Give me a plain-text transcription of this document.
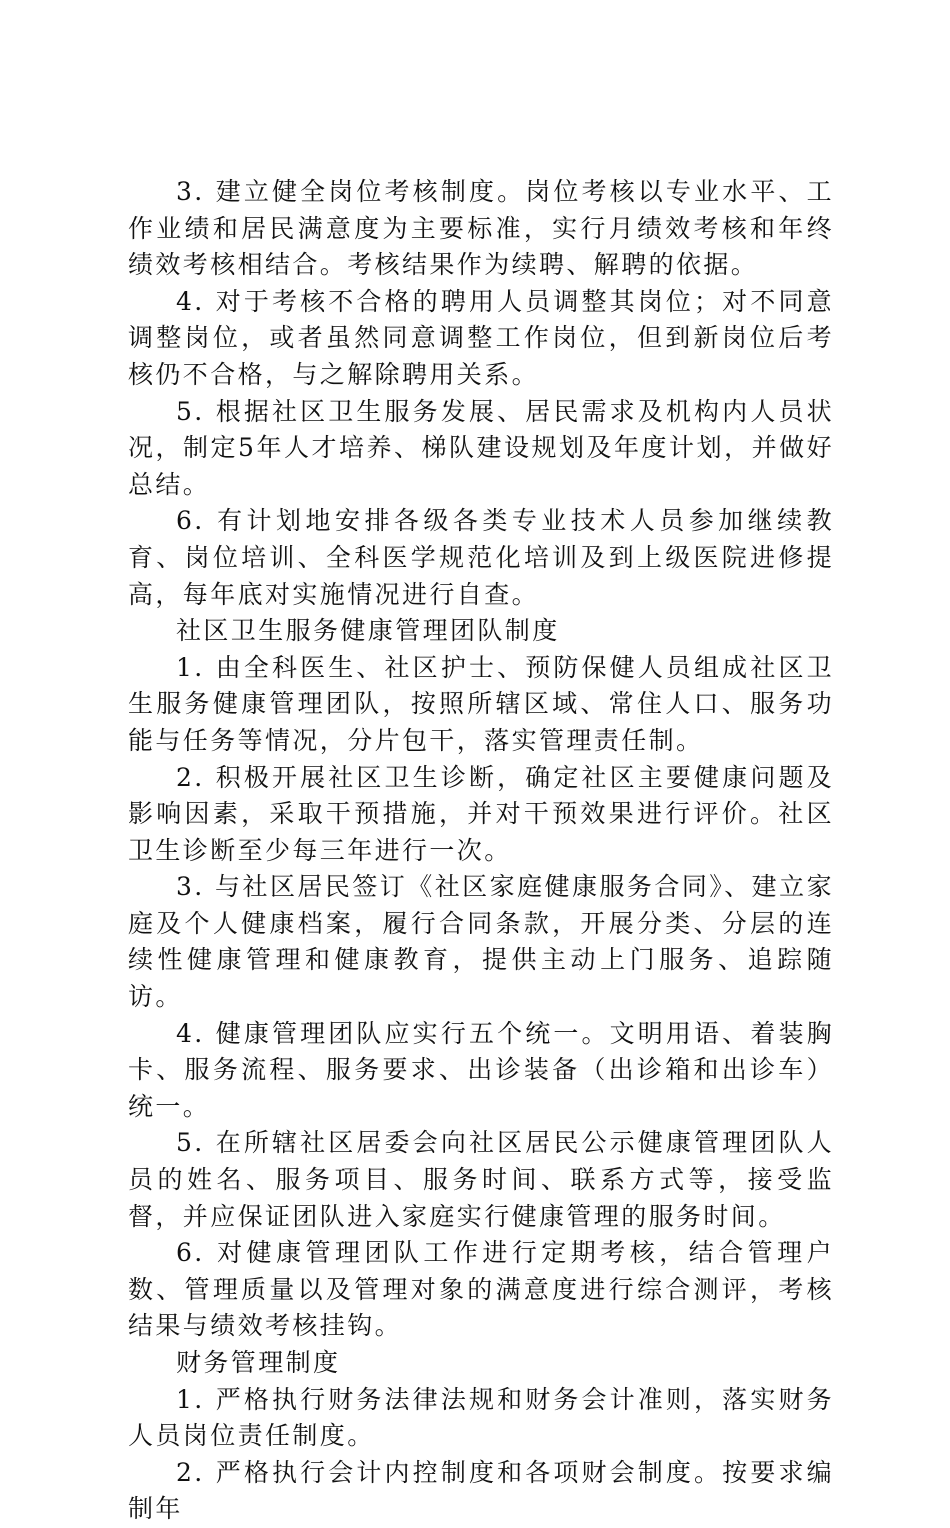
3. 建立健全岗位考核制度。岗位考核以专业水平、工作业绩和居民满意度为主要标准，实行月绩效考核和年终绩效考核相结合。考核结果作为续聘、解聘的依据。

4. 对于考核不合格的聘用人员调整其岗位；对不同意调整岗位，或者虽然同意调整工作岗位，但到新岗位后考核仍不合格，与之解除聘用关系。

5. 根据社区卫生服务发展、居民需求及机构内人员状况，制定5年人才培养、梯队建设规划及年度计划，并做好总结。

6. 有计划地安排各级各类专业技术人员参加继续教育、岗位培训、全科医学规范化培训及到上级医院进修提高，每年底对实施情况进行自查。

社区卫生服务健康管理团队制度

1. 由全科医生、社区护士、预防保健人员组成社区卫生服务健康管理团队，按照所辖区域、常住人口、服务功能与任务等情况，分片包干，落实管理责任制。

2. 积极开展社区卫生诊断，确定社区主要健康问题及影响因素，采取干预措施，并对干预效果进行评价。社区卫生诊断至少每三年进行一次。

3. 与社区居民签订《社区家庭健康服务合同》、建立家庭及个人健康档案，履行合同条款，开展分类、分层的连续性健康管理和健康教育，提供主动上门服务、追踪随访。

4. 健康管理团队应实行五个统一。文明用语、着装胸卡、服务流程、服务要求、出诊装备（出诊箱和出诊车）统一。

5. 在所辖社区居委会向社区居民公示健康管理团队人员的姓名、服务项目、服务时间、联系方式等，接受监督，并应保证团队进入家庭实行健康管理的服务时间。

6. 对健康管理团队工作进行定期考核，结合管理户数、管理质量以及管理对象的满意度进行综合测评，考核结果与绩效考核挂钩。

财务管理制度

1. 严格执行财务法律法规和财务会计准则，落实财务人员岗位责任制度。

2. 严格执行会计内控制度和各项财会制度。按要求编制年
